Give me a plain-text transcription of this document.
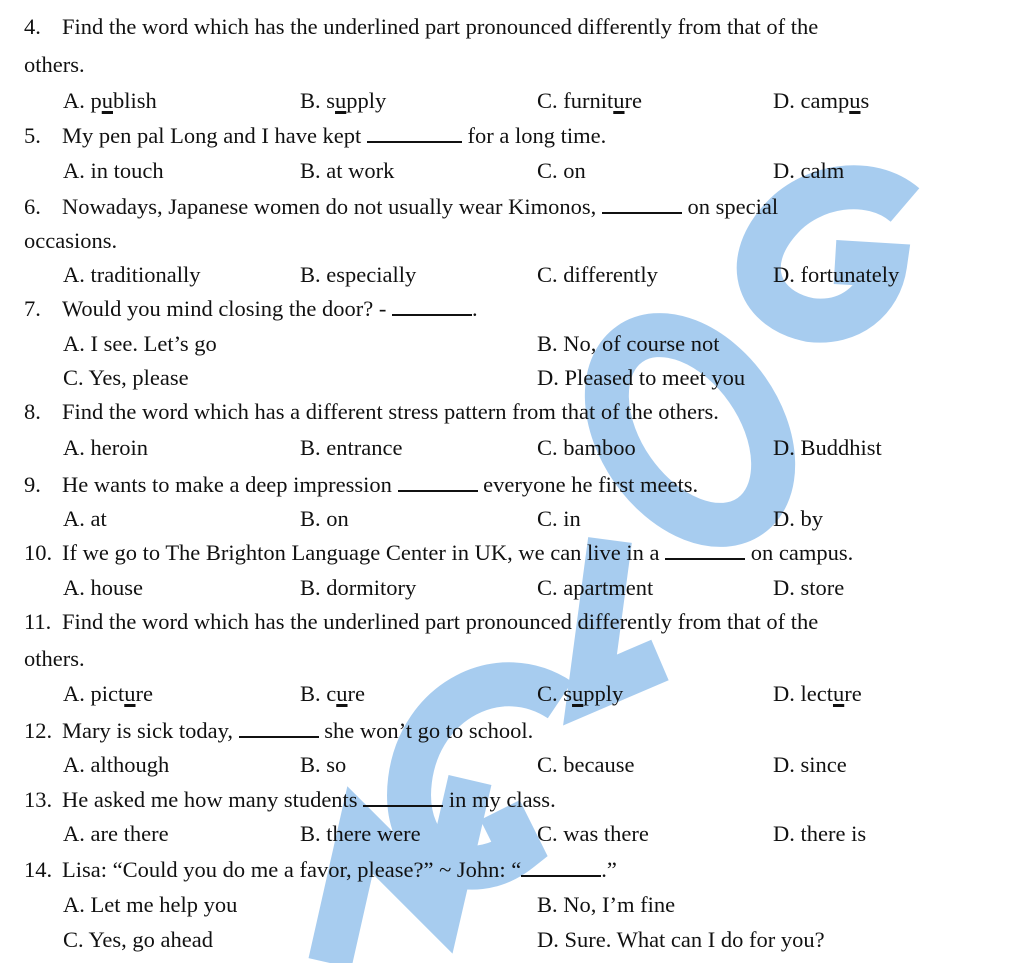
4. Find the word which has the underlined part pronounced differently from that of the
others.
A. publish	B. supply	C. furniture	D. campus
5. My pen pal Long and I have kept	for a long time.
A. in touch	B. at work	C. on	D. calm
6. Nowadays, Japanese women do not usually wear Kimonos,	on special
occasions.
A. traditionally	B. especially	C. differently	D. fortunately
7. Would you mind closing the door? -	.
A. I see. Let’s go	B. No, of course not
C. Yes, please	D. Pleased to meet you
8. Find the word which has a different stress pattern from that of the others.
A. heroin	B. entrance	C. bamboo	D. Buddhist
9. He wants to make a deep impression	everyone he first meets.
A. at	B. on	C. in	D. by
10. If we go to The Brighton Language Center in UK, we can live in a	on campus.
A. house	B. dormitory	C. apartment	D. store
11. Find the word which has the underlined part pronounced differently from that of the
others.
A. picture	B. cure	C. supply	D. lecture
12. Mary is sick today,	she won’t go to school.
A. although	B. so	C. because	D. since
13. He asked me how many students	in my class.
A. are there	B. there were	C. was there	D. there is
14. Lisa: “Could you do me a favor, please?” ~ John: “	.”
A. Let me help you	B. No, I’m fine
C. Yes, go ahead	D. Sure. What can I do for you?
